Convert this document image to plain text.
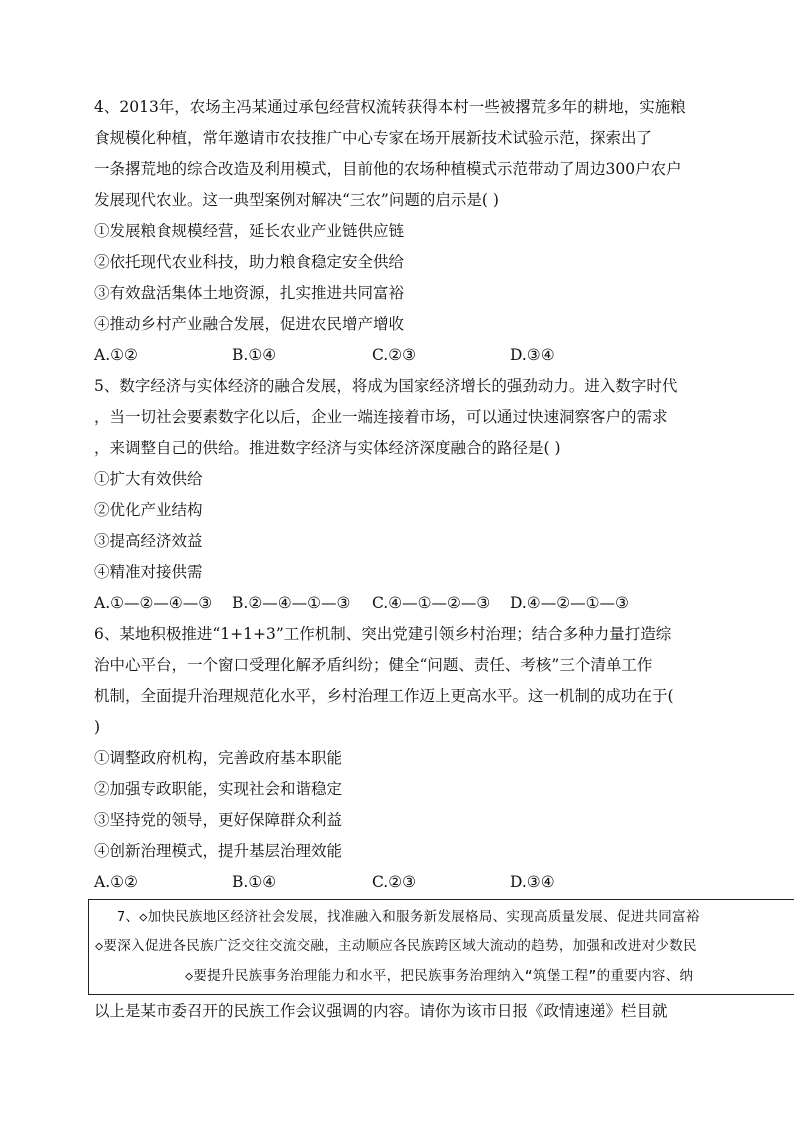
4、2013年，农场主冯某通过承包经营权流转获得本村一些被撂荒多年的耕地，实施粮
食规模化种植，常年邀请市农技推广中心专家在场开展新技术试验示范，探索出了
一条撂荒地的综合改造及利用模式，目前他的农场种植模式示范带动了周边300户农户
发展现代农业。这一典型案例对解决“三农”问题的启示是( )
①发展粮食规模经营，延长农业产业链供应链
②依托现代农业科技，助力粮食稳定安全供给
③有效盘活集体土地资源，扎实推进共同富裕
④推动乡村产业融合发展，促进农民增产增收
A.①②	B.①④	C.②③	D.③④
5、数字经济与实体经济的融合发展，将成为国家经济增长的强劲动力。进入数字时代
，当一切社会要素数字化以后，企业一端连接着市场，可以通过快速洞察客户的需求
，来调整自己的供给。推进数字经济与实体经济深度融合的路径是( )
①扩大有效供给
②优化产业结构
③提高经济效益
④精准对接供需
A.①—②—④—③ B.②—④—①—③ C.④—①—②—③ D.④—②—①—③
6、某地积极推进“1+1+3”工作机制、突出党建引领乡村治理；结合多种力量打造综
治中心平台，一个窗口受理化解矛盾纠纷；健全“问题、责任、考核”三个清单工作
机制，全面提升治理规范化水平，乡村治理工作迈上更高水平。这一机制的成功在于(
)
①调整政府机构，完善政府基本职能
②加强专政职能，实现社会和谐稳定
③坚持党的领导，更好保障群众利益
④创新治理模式，提升基层治理效能
A.①②	B.①④	C.②③	D.③④
7、◇加快民族地区经济社会发展，找准融入和服务新发展格局、实现高质量发展、促进共同富裕
◇要深入促进各民族广泛交往交流交融，主动顺应各民族跨区域大流动的趋势，加强和改进对少数民
◇要提升民族事务治理能力和水平，把民族事务治理纳入“筑堡工程”的重要内容、纳
以上是某市委召开的民族工作会议强调的内容。请你为该市日报《政情速递》栏目就
